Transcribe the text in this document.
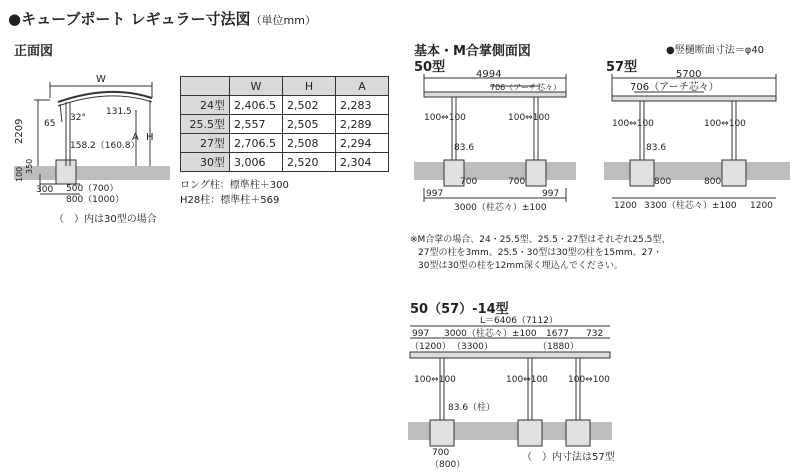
●キューブポート レギュラー寸法図（単位mm）
●竪樋断面寸法＝φ40
正面図
W
2209 65
131.5
32°
A H
158.2（160.8）
350
100
300 500（700）
800（1000）
（　）内は30型の場合
	W	H	A
24型	2,406.5	2,502	2,283
25.5型	2,557	2,505	2,289
27型	2,706.5	2,508	2,294
30型	3,006	2,520	2,304
ロング柱：標準柱＋300
H28柱：標準柱＋569
基本・M合掌側面図
50型	4994
706（アーチ芯々）
100⇔100	100⇔100
83.6
700	700
997	997
3000（柱芯々）±100
57型	5700
706（アーチ芯々）
100⇔100	100⇔100
83.6
800	800
1200	1200
3300（柱芯々）±100
※M合掌の場合、24・25.5型、25.5・27型はそれぞれ25.5型、
27型の柱を3mm、25.5・30型は30型の柱を15mm、27・
30型は30型の柱を12mm深く埋込んでください。
50（57）-14型
L＝6406（7112）
997 3000（柱芯々）±100 1677 732
（1200） （3300）	（1880）
100⇔100	100⇔100 100⇔100
83.6（柱）
700
（800）
（　）内寸法は57型
